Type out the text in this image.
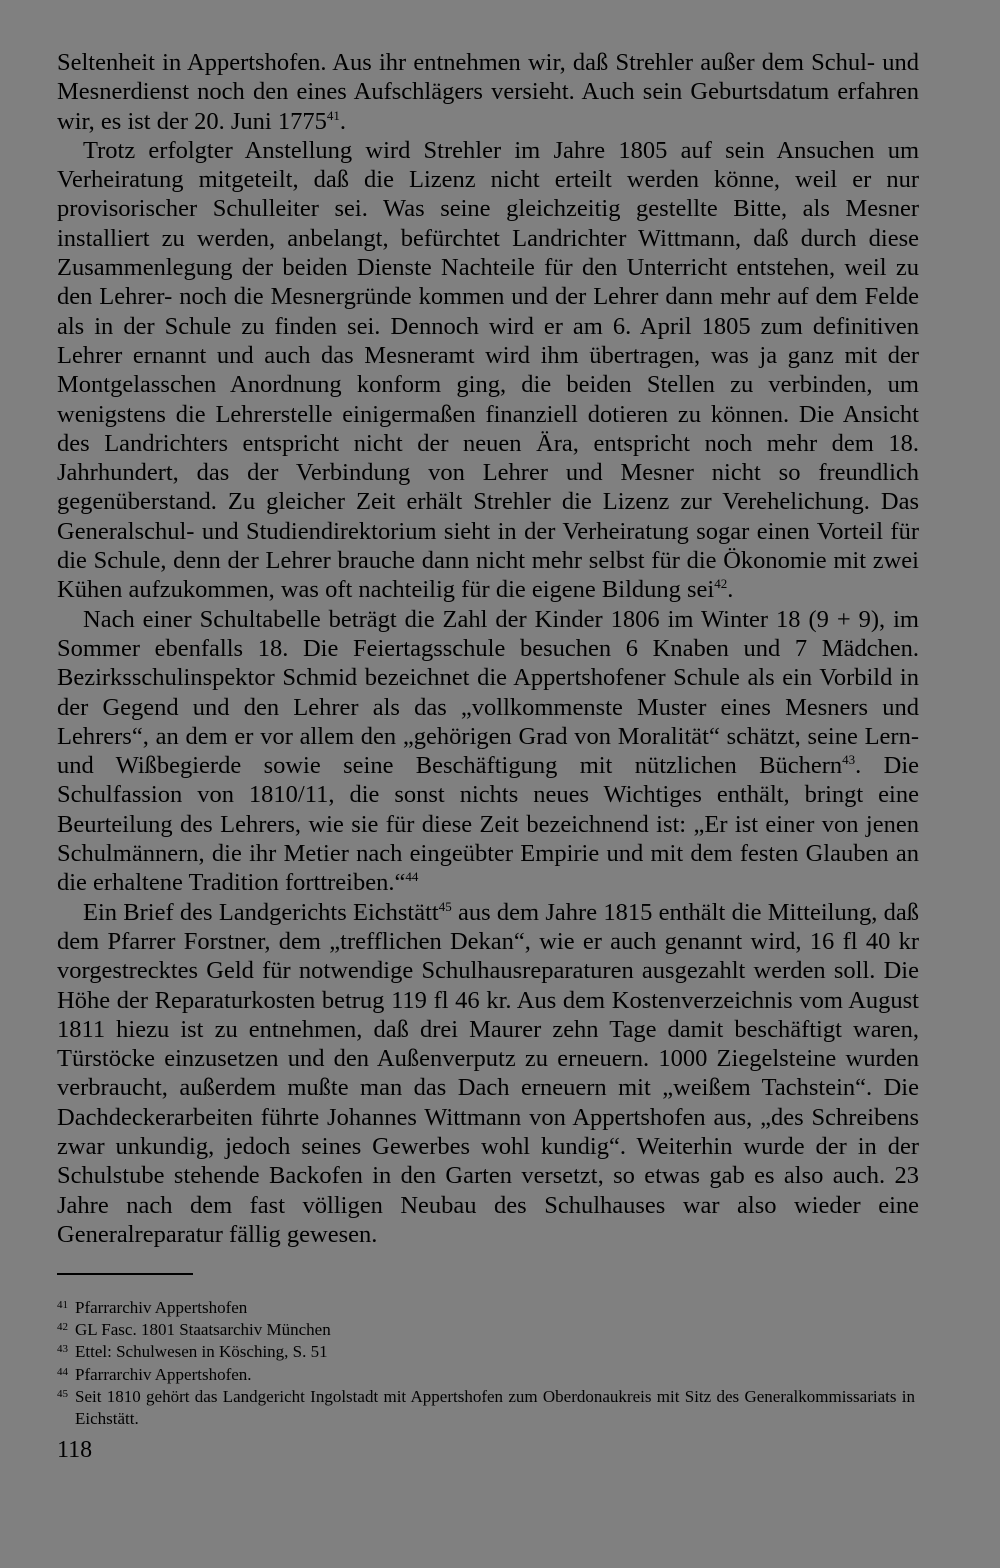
Seltenheit in Appertshofen. Aus ihr entnehmen wir, daß Strehler außer dem Schul- und Mesnerdienst noch den eines Aufschlägers versieht. Auch sein Geburtsdatum erfahren wir, es ist der 20. Juni 1775$^{41}$.

Trotz erfolgter Anstellung wird Strehler im Jahre 1805 auf sein Ansuchen um Verheiratung mitgeteilt, daß die Lizenz nicht erteilt werden könne, weil er nur provisorischer Schulleiter sei. Was seine gleichzeitig gestellte Bitte, als Mesner installiert zu werden, anbelangt, befürchtet Landrichter Wittmann, daß durch diese Zusammenlegung der beiden Dienste Nachteile für den Unterricht entstehen, weil zu den Lehrer- noch die Mesnergründe kommen und der Lehrer dann mehr auf dem Felde als in der Schule zu finden sei. Dennoch wird er am 6. April 1805 zum definitiven Lehrer ernannt und auch das Mesneramt wird ihm übertragen, was ja ganz mit der Montgelasschen Anordnung konform ging, die beiden Stellen zu verbinden, um wenigstens die Lehrerstelle einigermaßen finanziell dotieren zu können. Die Ansicht des Landrichters entspricht nicht der neuen Ära, entspricht noch mehr dem 18. Jahrhundert, das der Verbindung von Lehrer und Mesner nicht so freundlich gegenüberstand. Zu gleicher Zeit erhält Strehler die Lizenz zur Verehelichung. Das Generalschul- und Studiendirektorium sieht in der Verheiratung sogar einen Vorteil für die Schule, denn der Lehrer brauche dann nicht mehr selbst für die Ökonomie mit zwei Kühen aufzukommen, was oft nachteilig für die eigene Bildung sei$^{42}$.

Nach einer Schultabelle beträgt die Zahl der Kinder 1806 im Winter 18 (9 + 9), im Sommer ebenfalls 18. Die Feiertagsschule besuchen 6 Knaben und 7 Mädchen. Bezirksschulinspektor Schmid bezeichnet die Appertshofener Schule als ein Vorbild in der Gegend und den Lehrer als das „vollkommenste Muster eines Mesners und Lehrers“, an dem er vor allem den „gehörigen Grad von Moralität“ schätzt, seine Lern- und Wißbegierde sowie seine Beschäftigung mit nützlichen Büchern$^{43}$. Die Schulfassion von 1810/11, die sonst nichts neues Wichtiges enthält, bringt eine Beurteilung des Lehrers, wie sie für diese Zeit bezeichnend ist: „Er ist einer von jenen Schulmännern, die ihr Metier nach eingeübter Empirie und mit dem festen Glauben an die erhaltene Tradition forttreiben.“$^{44}$

Ein Brief des Landgerichts Eichstätt$^{45}$ aus dem Jahre 1815 enthält die Mitteilung, daß dem Pfarrer Forstner, dem „trefflichen Dekan“, wie er auch genannt wird, 16 fl 40 kr vorgestrecktes Geld für notwendige Schulhausreparaturen ausgezahlt werden soll. Die Höhe der Reparaturkosten betrug 119 fl 46 kr. Aus dem Kostenverzeichnis vom August 1811 hiezu ist zu entnehmen, daß drei Maurer zehn Tage damit beschäftigt waren, Türstöcke einzusetzen und den Außenverputz zu erneuern. 1000 Ziegelsteine wurden verbraucht, außerdem mußte man das Dach erneuern mit „weißem Tachstein“. Die Dachdeckerarbeiten führte Johannes Wittmann von Appertshofen aus, „des Schreibens zwar unkundig, jedoch seines Gewerbes wohl kundig“. Weiterhin wurde der in der Schulstube stehende Backofen in den Garten versetzt, so etwas gab es also auch. 23 Jahre nach dem fast völligen Neubau des Schulhauses war also wieder eine Generalreparatur fällig gewesen.

41 Pfarrarchiv Appertshofen
42 GL Fasc. 1801 Staatsarchiv München
43 Ettel: Schulwesen in Kösching, S. 51
44 Pfarrarchiv Appertshofen.
45 Seit 1810 gehört das Landgericht Ingolstadt mit Appertshofen zum Oberdonaukreis mit Sitz des Generalkommissariats in Eichstätt.
118
